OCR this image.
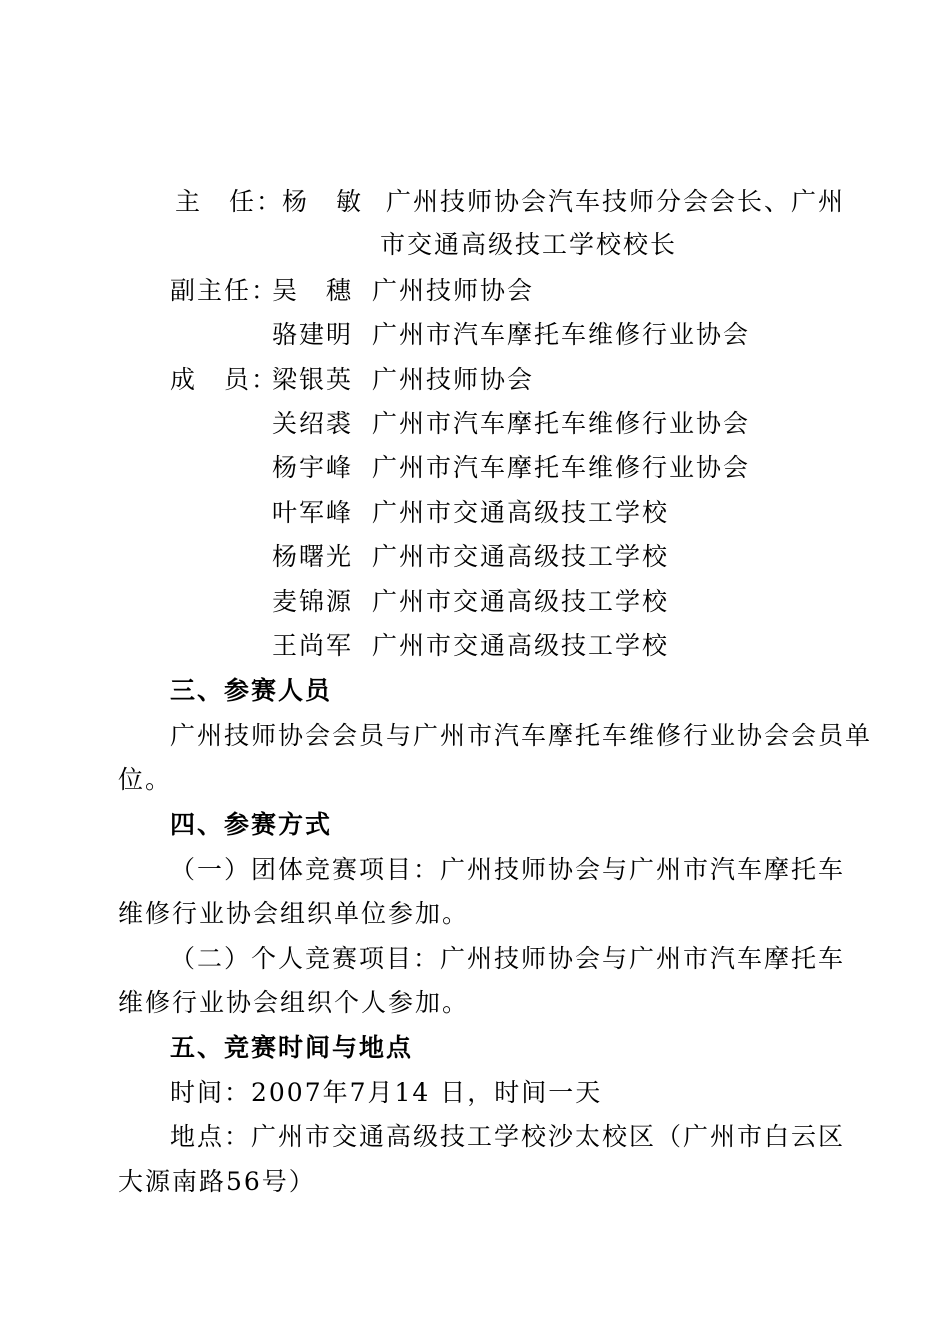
主　任：
杨　敏 广州技师协会汽车技师分会会长、广州
市交通高级技工学校校长
副主任：
吴　穗 广州技师协会
骆建明 广州市汽车摩托车维修行业协会
成　员：
梁银英 广州技师协会
关绍裘 广州市汽车摩托车维修行业协会
杨宇峰 广州市汽车摩托车维修行业协会
叶军峰 广州市交通高级技工学校
杨曙光 广州市交通高级技工学校
麦锦源 广州市交通高级技工学校
王尚军 广州市交通高级技工学校
三、参赛人员
广州技师协会会员与广州市汽车摩托车维修行业协会会员单
位。
四、参赛方式
（一）团体竞赛项目：广州技师协会与广州市汽车摩托车
维修行业协会组织单位参加。
（二）个人竞赛项目：广州技师协会与广州市汽车摩托车
维修行业协会组织个人参加。
五、竞赛时间与地点
时间：2007年7月14 日，时间一天
地点：广州市交通高级技工学校沙太校区（广州市白云区
大源南路56号）
